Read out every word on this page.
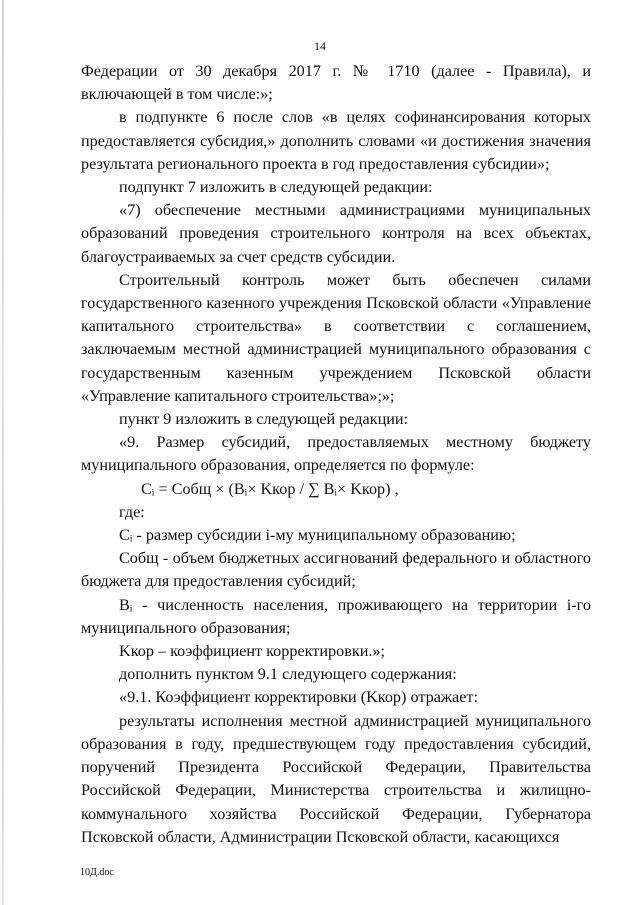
14

Федерации от 30 декабря 2017 г. № 1710 (далее - Правила), и включающей в том числе:»;

в подпункте 6 после слов «в целях софинансирования которых предоставляется субсидия,» дополнить словами «и достижения значения результата регионального проекта в год предоставления субсидии»;

подпункт 7 изложить в следующей редакции:

«7) обеспечение местными администрациями муниципальных образований проведения строительного контроля на всех объектах, благоустраиваемых за счет средств субсидии.

Строительный контроль может быть обеспечен силами государственного казенного учреждения Псковской области «Управление капитального строительства» в соответствии с соглашением, заключаемым местной администрацией муниципального образования с государственным казенным учреждением Псковской области «Управление капитального строительства»;»;

пункт 9 изложить в следующей редакции:

«9. Размер субсидий, предоставляемых местному бюджету муниципального образования, определяется по формуле:

Cᵢ = Cобщ × (Bᵢ× Kкор / ∑ Bᵢ× Kкор) ,

где:

Cᵢ - размер субсидии i-му муниципальному образованию;

Cобщ - объем бюджетных ассигнований федерального и областного бюджета для предоставления субсидий;

Bᵢ - численность населения, проживающего на территории i-го муниципального образования;

Kкор – коэффициент корректировки.»;

дополнить пунктом 9.1 следующего содержания:

«9.1. Коэффициент корректировки (Kкор) отражает:

результаты исполнения местной администрацией муниципального образования в году, предшествующем году предоставления субсидий, поручений Президента Российской Федерации, Правительства Российской Федерации, Министерства строительства и жилищно-коммунального хозяйства Российской Федерации, Губернатора Псковской области, Администрации Псковской области, касающихся

10Д.doc
